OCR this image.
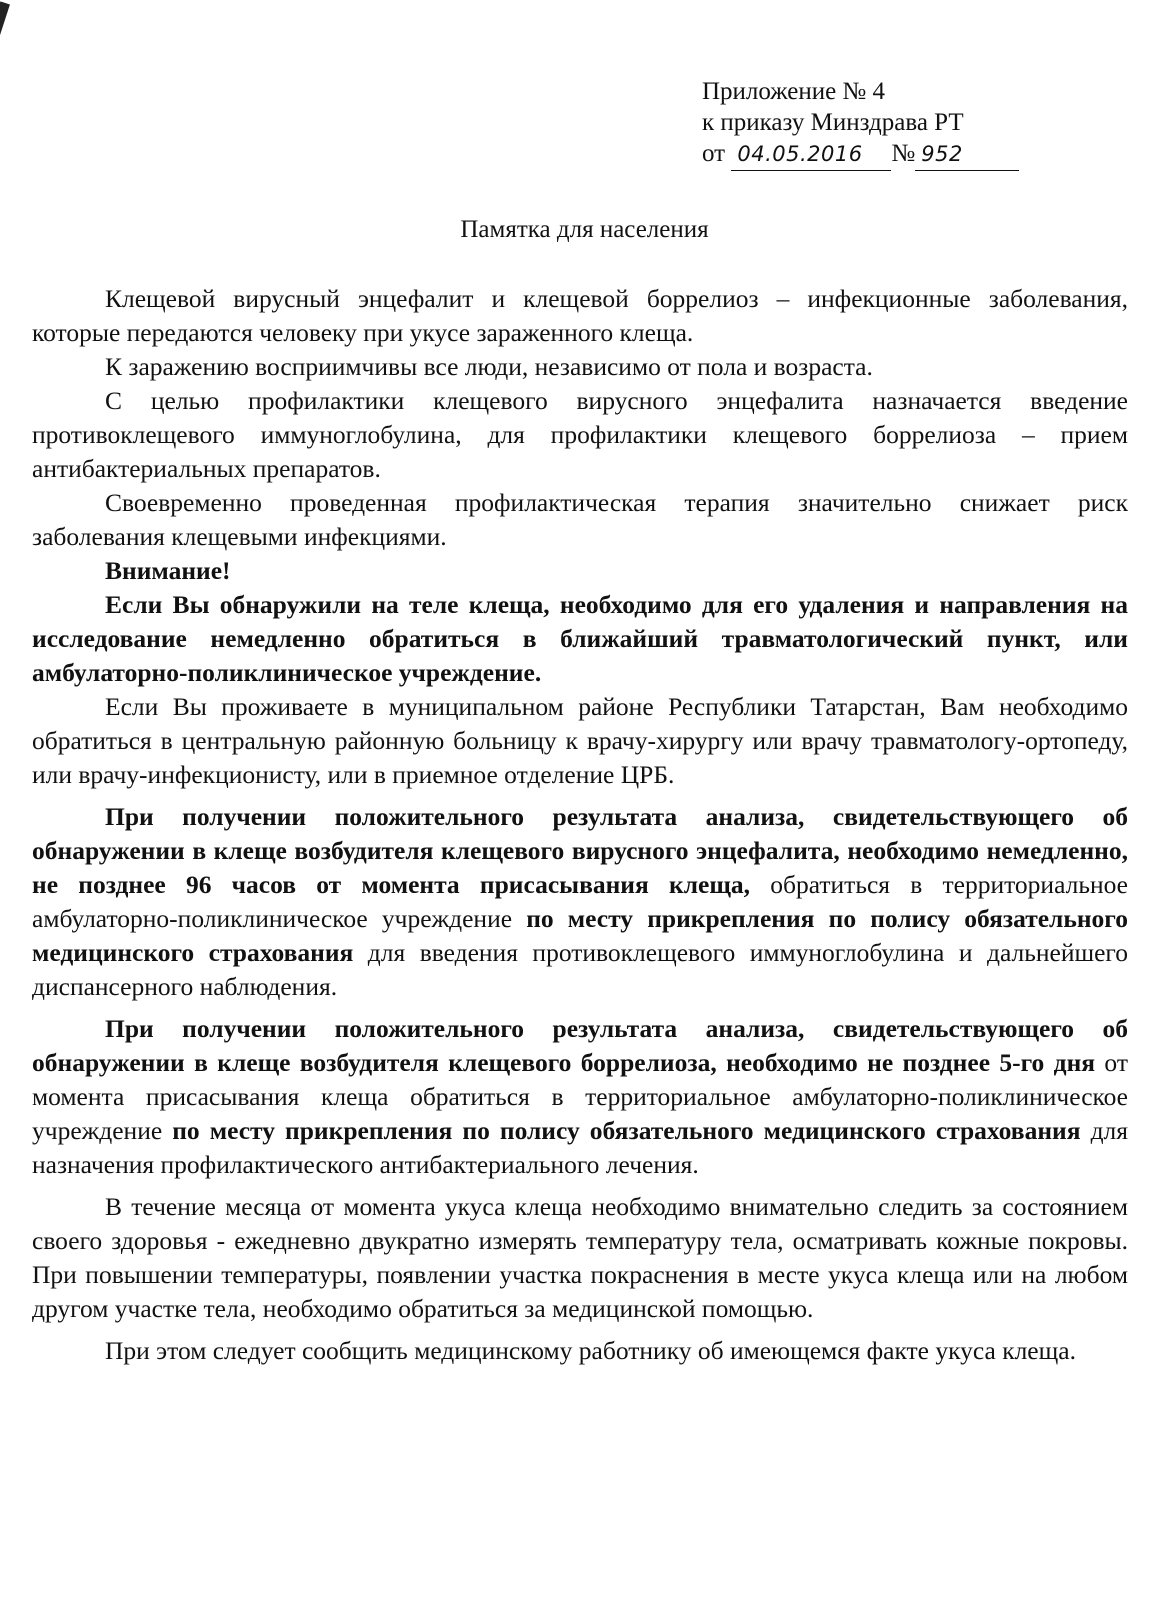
Приложение № 4
к приказу Минздрава РТ
от 04.05.2016 № 952
Памятка для населения

Клещевой вирусный энцефалит и клещевой боррелиоз – инфекционные заболевания, которые передаются человеку при укусе зараженного клеща.

К заражению восприимчивы все люди, независимо от пола и возраста.

С целью профилактики клещевого вирусного энцефалита назначается введение противоклещевого иммуноглобулина, для профилактики клещевого боррелиоза – прием антибактериальных препаратов.

Своевременно проведенная профилактическая терапия значительно снижает риск заболевания клещевыми инфекциями.

Внимание!

Если Вы обнаружили на теле клеща, необходимо для его удаления и направления на исследование немедленно обратиться в ближайший травматологический пункт, или амбулаторно-поликлиническое учреждение.

Если Вы проживаете в муниципальном районе Республики Татарстан, Вам необходимо обратиться в центральную районную больницу к врачу-хирургу или врачу травматологу-ортопеду, или врачу-инфекционисту, или в приемное отделение ЦРБ.

При получении положительного результата анализа, свидетельствующего об обнаружении в клеще возбудителя клещевого вирусного энцефалита, необходимо немедленно, не позднее 96 часов от момента присасывания клеща, обратиться в территориальное амбулаторно-поликлиническое учреждение по месту прикрепления по полису обязательного медицинского страхования для введения противоклещевого иммуноглобулина и дальнейшего диспансерного наблюдения.

При получении положительного результата анализа, свидетельствующего об обнаружении в клеще возбудителя клещевого боррелиоза, необходимо не позднее 5-го дня от момента присасывания клеща обратиться в территориальное амбулаторно-поликлиническое учреждение по месту прикрепления по полису обязательного медицинского страхования для назначения профилактического антибактериального лечения.

В течение месяца от момента укуса клеща необходимо внимательно следить за состоянием своего здоровья - ежедневно двукратно измерять температуру тела, осматривать кожные покровы. При повышении температуры, появлении участка покраснения в месте укуса клеща или на любом другом участке тела, необходимо обратиться за медицинской помощью.

При этом следует сообщить медицинскому работнику об имеющемся факте укуса клеща.
